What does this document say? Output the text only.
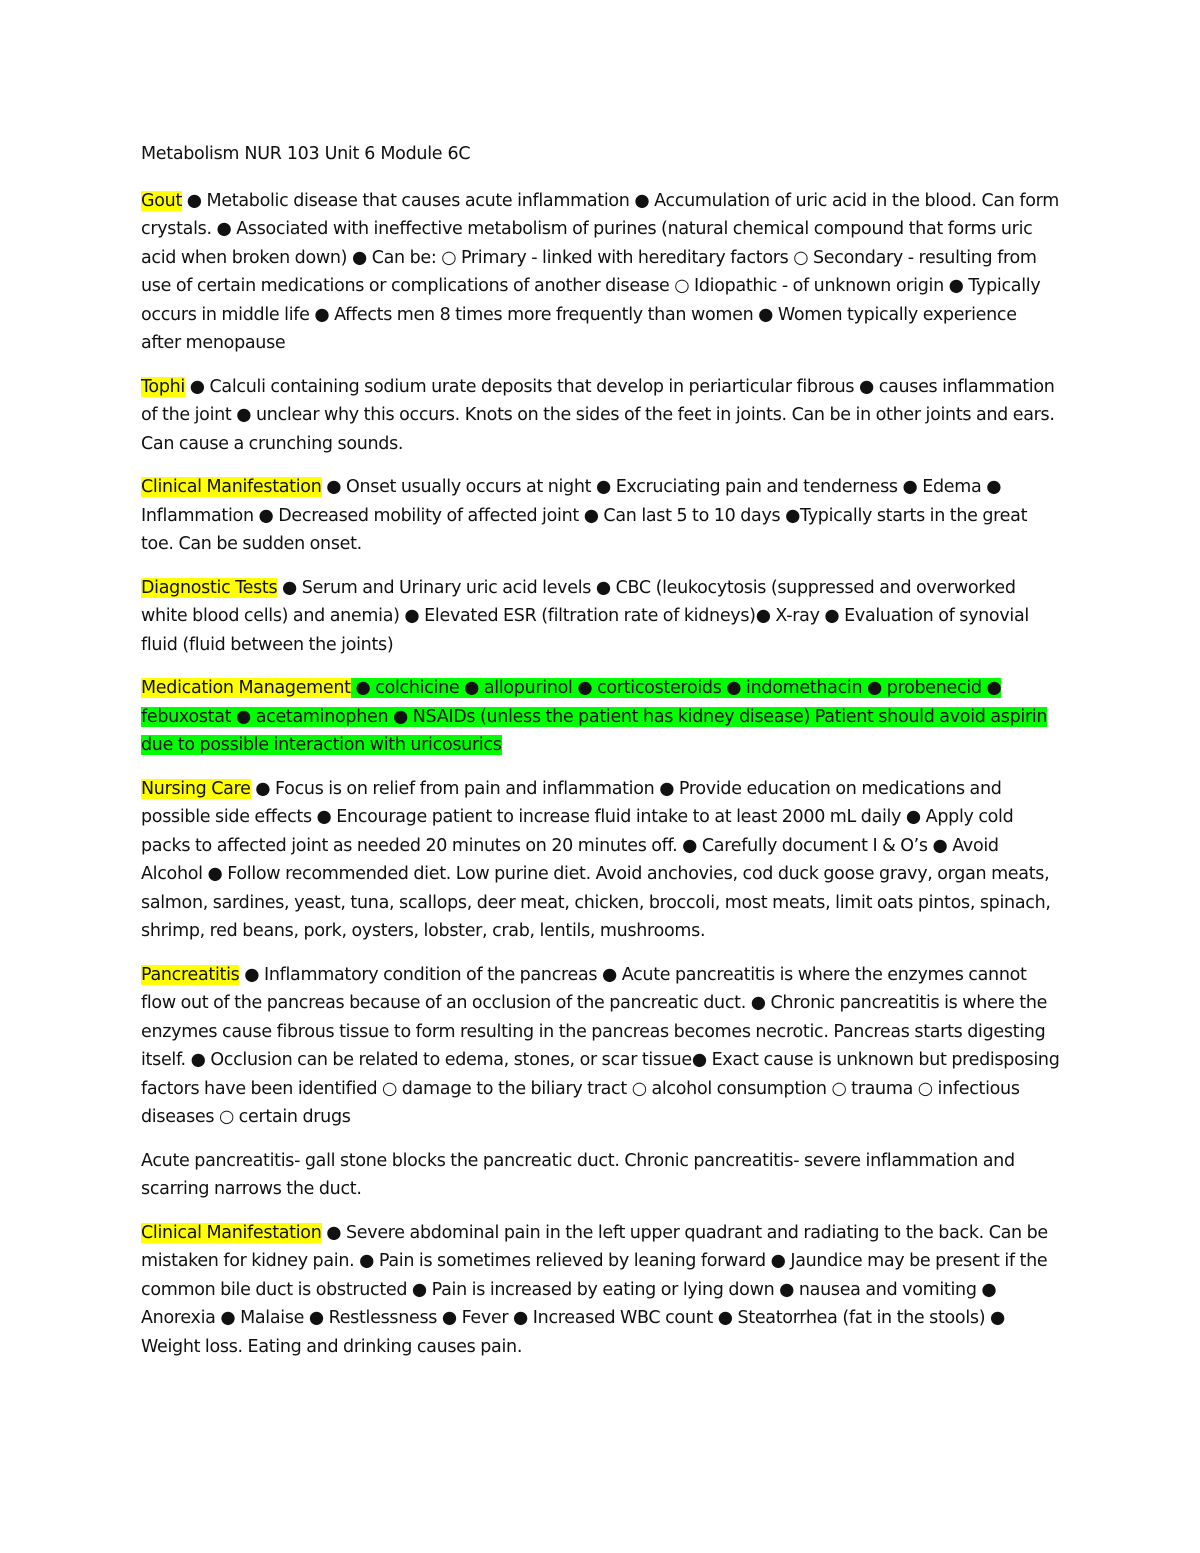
Metabolism NUR 103 Unit 6 Module 6C

Gout ● Metabolic disease that causes acute inflammation ● Accumulation of uric acid in the blood. Can form crystals. ● Associated with ineffective metabolism of purines (natural chemical compound that forms uric acid when broken down) ● Can be: ○ Primary - linked with hereditary factors ○ Secondary - resulting from use of certain medications or complications of another disease ○ Idiopathic - of unknown origin ● Typically occurs in middle life ● Affects men 8 times more frequently than women ● Women typically experience after menopause

Tophi ● Calculi containing sodium urate deposits that develop in periarticular fibrous ● causes inflammation of the joint ● unclear why this occurs. Knots on the sides of the feet in joints. Can be in other joints and ears. Can cause a crunching sounds.

Clinical Manifestation ● Onset usually occurs at night ● Excruciating pain and tenderness ● Edema ● Inflammation ● Decreased mobility of affected joint ● Can last 5 to 10 days ●Typically starts in the great toe. Can be sudden onset.

Diagnostic Tests ● Serum and Urinary uric acid levels ● CBC (leukocytosis (suppressed and overworked white blood cells) and anemia) ● Elevated ESR (filtration rate of kidneys)● X-ray ● Evaluation of synovial fluid (fluid between the joints)

Medication Management ● colchicine ● allopurinol ● corticosteroids ● indomethacin ● probenecid ● febuxostat ● acetaminophen ● NSAIDs (unless the patient has kidney disease) Patient should avoid aspirin due to possible interaction with uricosurics

Nursing Care ● Focus is on relief from pain and inflammation ● Provide education on medications and possible side effects ● Encourage patient to increase fluid intake to at least 2000 mL daily ● Apply cold packs to affected joint as needed 20 minutes on 20 minutes off. ● Carefully document I & O’s ● Avoid Alcohol ● Follow recommended diet. Low purine diet. Avoid anchovies, cod duck goose gravy, organ meats, salmon, sardines, yeast, tuna, scallops, deer meat, chicken, broccoli, most meats, limit oats pintos, spinach, shrimp, red beans, pork, oysters, lobster, crab, lentils, mushrooms.

Pancreatitis ● Inflammatory condition of the pancreas ● Acute pancreatitis is where the enzymes cannot flow out of the pancreas because of an occlusion of the pancreatic duct. ● Chronic pancreatitis is where the enzymes cause fibrous tissue to form resulting in the pancreas becomes necrotic. Pancreas starts digesting itself. ● Occlusion can be related to edema, stones, or scar tissue● Exact cause is unknown but predisposing factors have been identified ○ damage to the biliary tract ○ alcohol consumption ○ trauma ○ infectious diseases ○ certain drugs

Acute pancreatitis- gall stone blocks the pancreatic duct. Chronic pancreatitis- severe inflammation and scarring narrows the duct.

Clinical Manifestation ● Severe abdominal pain in the left upper quadrant and radiating to the back. Can be mistaken for kidney pain. ● Pain is sometimes relieved by leaning forward ● Jaundice may be present if the common bile duct is obstructed ● Pain is increased by eating or lying down ● nausea and vomiting ● Anorexia ● Malaise ● Restlessness ● Fever ● Increased WBC count ● Steatorrhea (fat in the stools) ● Weight loss. Eating and drinking causes pain.
